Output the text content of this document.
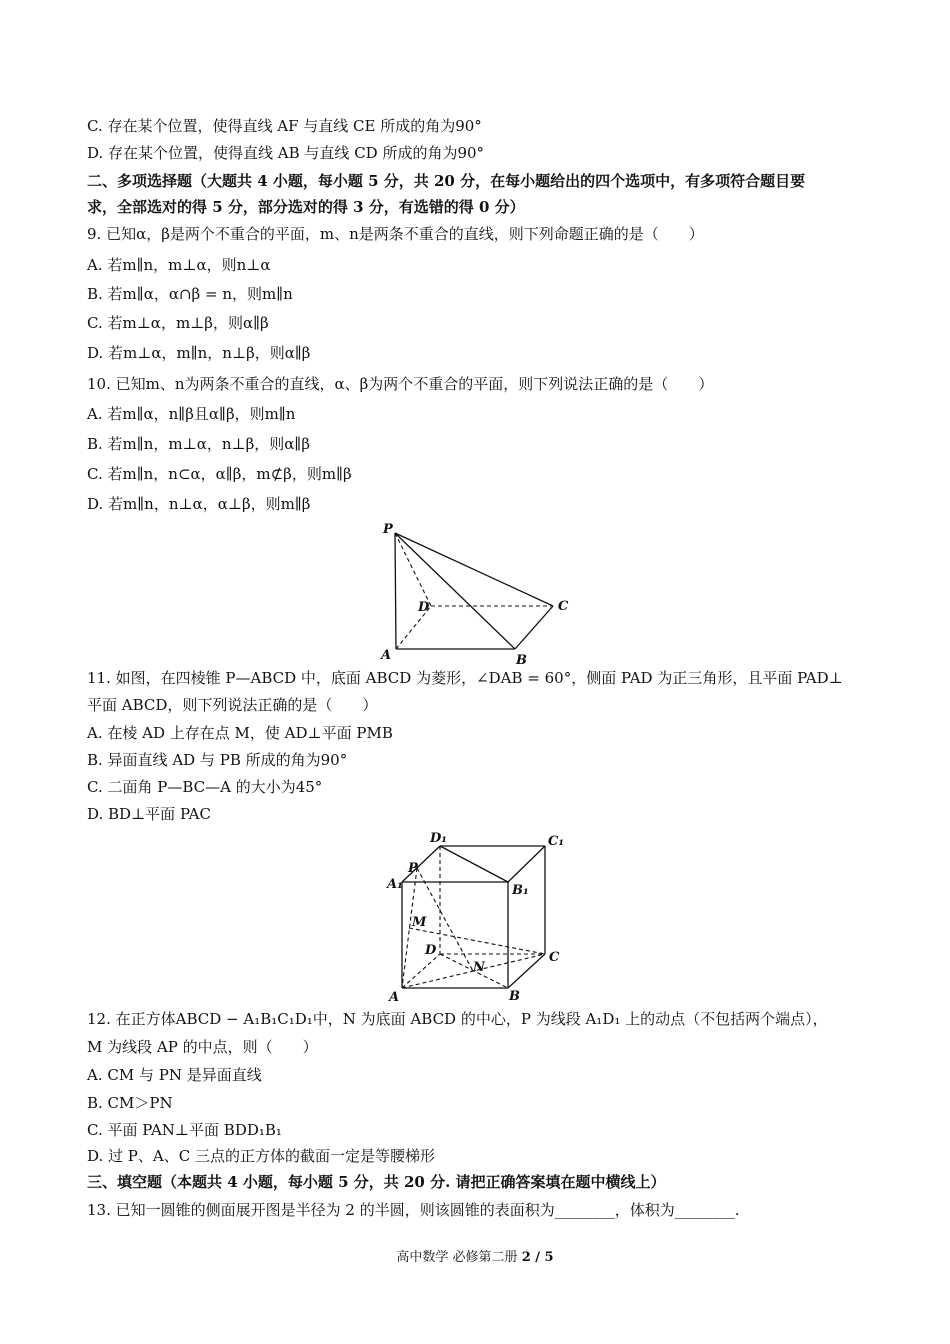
C. 存在某个位置，使得直线 AF 与直线 CE 所成的角为90°
D. 存在某个位置，使得直线 AB 与直线 CD 所成的角为90°
二、多项选择题（大题共 4 小题，每小题 5 分，共 20 分，在每小题给出的四个选项中，有多项符合题目要
求，全部选对的得 5 分，部分选对的得 3 分，有选错的得 0 分）
9. 已知α，β是两个不重合的平面，m、n是两条不重合的直线，则下列命题正确的是（　　）
A. 若m∥n，m⊥α，则n⊥α
B. 若m∥α，α∩β = n，则m∥n
C. 若m⊥α，m⊥β，则α∥β
D. 若m⊥α，m∥n，n⊥β，则α∥β
10. 已知m、n为两条不重合的直线，α、β为两个不重合的平面，则下列说法正确的是（　　）
A. 若m∥α，n∥β且α∥β，则m∥n
B. 若m∥n，m⊥α，n⊥β，则α∥β
C. 若m∥n，n⊂α，α∥β，m⊄β，则m∥β
D. 若m∥n，n⊥α，α⊥β，则m∥β
P
D	C
A	B
11. 如图，在四棱锥 P—ABCD 中，底面 ABCD 为菱形，∠DAB = 60°，侧面 PAD 为正三角形，且平面 PAD⊥
平面 ABCD，则下列说法正确的是（　　）
A. 在棱 AD 上存在点 M，使 AD⊥平面 PMB
B. 异面直线 AD 与 PB 所成的角为90°
C. 二面角 P—BC—A 的大小为45°
D. BD⊥平面 PAC
D₁	C₁
A₁	B₁
P
M
D	C
N
A	B
12. 在正方体ABCD − A₁B₁C₁D₁中，N 为底面 ABCD 的中心，P 为线段 A₁D₁ 上的动点（不包括两个端点），
M 为线段 AP 的中点，则（　　）
A. CM 与 PN 是异面直线
B. CM＞PN
C. 平面 PAN⊥平面 BDD₁B₁
D. 过 P、A、C 三点的正方体的截面一定是等腰梯形
三、填空题（本题共 4 小题，每小题 5 分，共 20 分. 请把正确答案填在题中横线上）
13. 已知一圆锥的侧面展开图是半径为 2 的半圆，则该圆锥的表面积为________，体积为________.
高中数学 必修第二册 2 / 5
